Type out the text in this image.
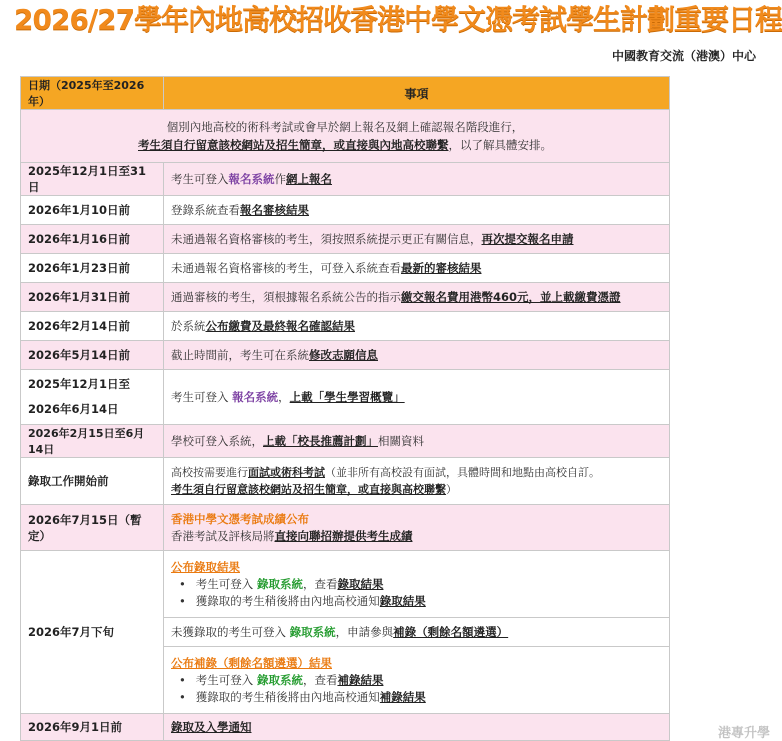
2026/27學年內地高校招收香港中學文憑考試學生計劃重要日程
中國教育交流（港澳）中心
日期（2025年至2026年）	事項

個別內地高校的術科考試或會早於網上報名及網上確認報名階段進行，
考生須自行留意該校網站及招生簡章，或直接與內地高校聯繫，以了解具體安排。	

2025年12月1日至31日	考生可登入報名系統作網上報名
2026年1月10日前	登錄系統查看報名審核結果
2026年1月16日前	未通過報名資格審核的考生，須按照系統提示更正有關信息，再次提交報名申請
2026年1月23日前	未通過報名資格審核的考生，可登入系統查看最新的審核結果
2026年1月31日前	通過審核的考生，須根據報名系統公告的指示繳交報名費用港幣460元，並上載繳費憑證
2026年2月14日前	於系統公布繳費及最終報名確認結果
2026年5月14日前	截止時間前，考生可在系統修改志願信息

2025年12月1日至
2026年6月14日	考生可登入 報名系統，上載「學生學習概覽」
2026年2月15日至6月14日	學校可登入系統，上載「校長推薦計劃」相關資料
錄取工作開始前	高校按需要進行面試或術科考試（並非所有高校設有面試，具體時間和地點由高校自訂。
考生須自行留意該校網站及招生簡章，或直接與高校聯繫）
2026年7月15日（暫定）	香港中學文憑考試成績公布
香港考試及評核局將直接向聯招辦提供考生成績

2026年7月下旬	公布錄取結果
• 考生可登入 錄取系統，查看錄取結果
• 獲錄取的考生稍後將由內地高校通知錄取結果

	未獲錄取的考生可登入 錄取系統，申請參與補錄（剩餘名額遴選）

	公布補錄（剩餘名額遴選）結果
• 考生可登入 錄取系統，查看補錄結果
• 獲錄取的考生稍後將由內地高校通知補錄結果

2026年9月1日前	錄取及入學通知	港專升學
